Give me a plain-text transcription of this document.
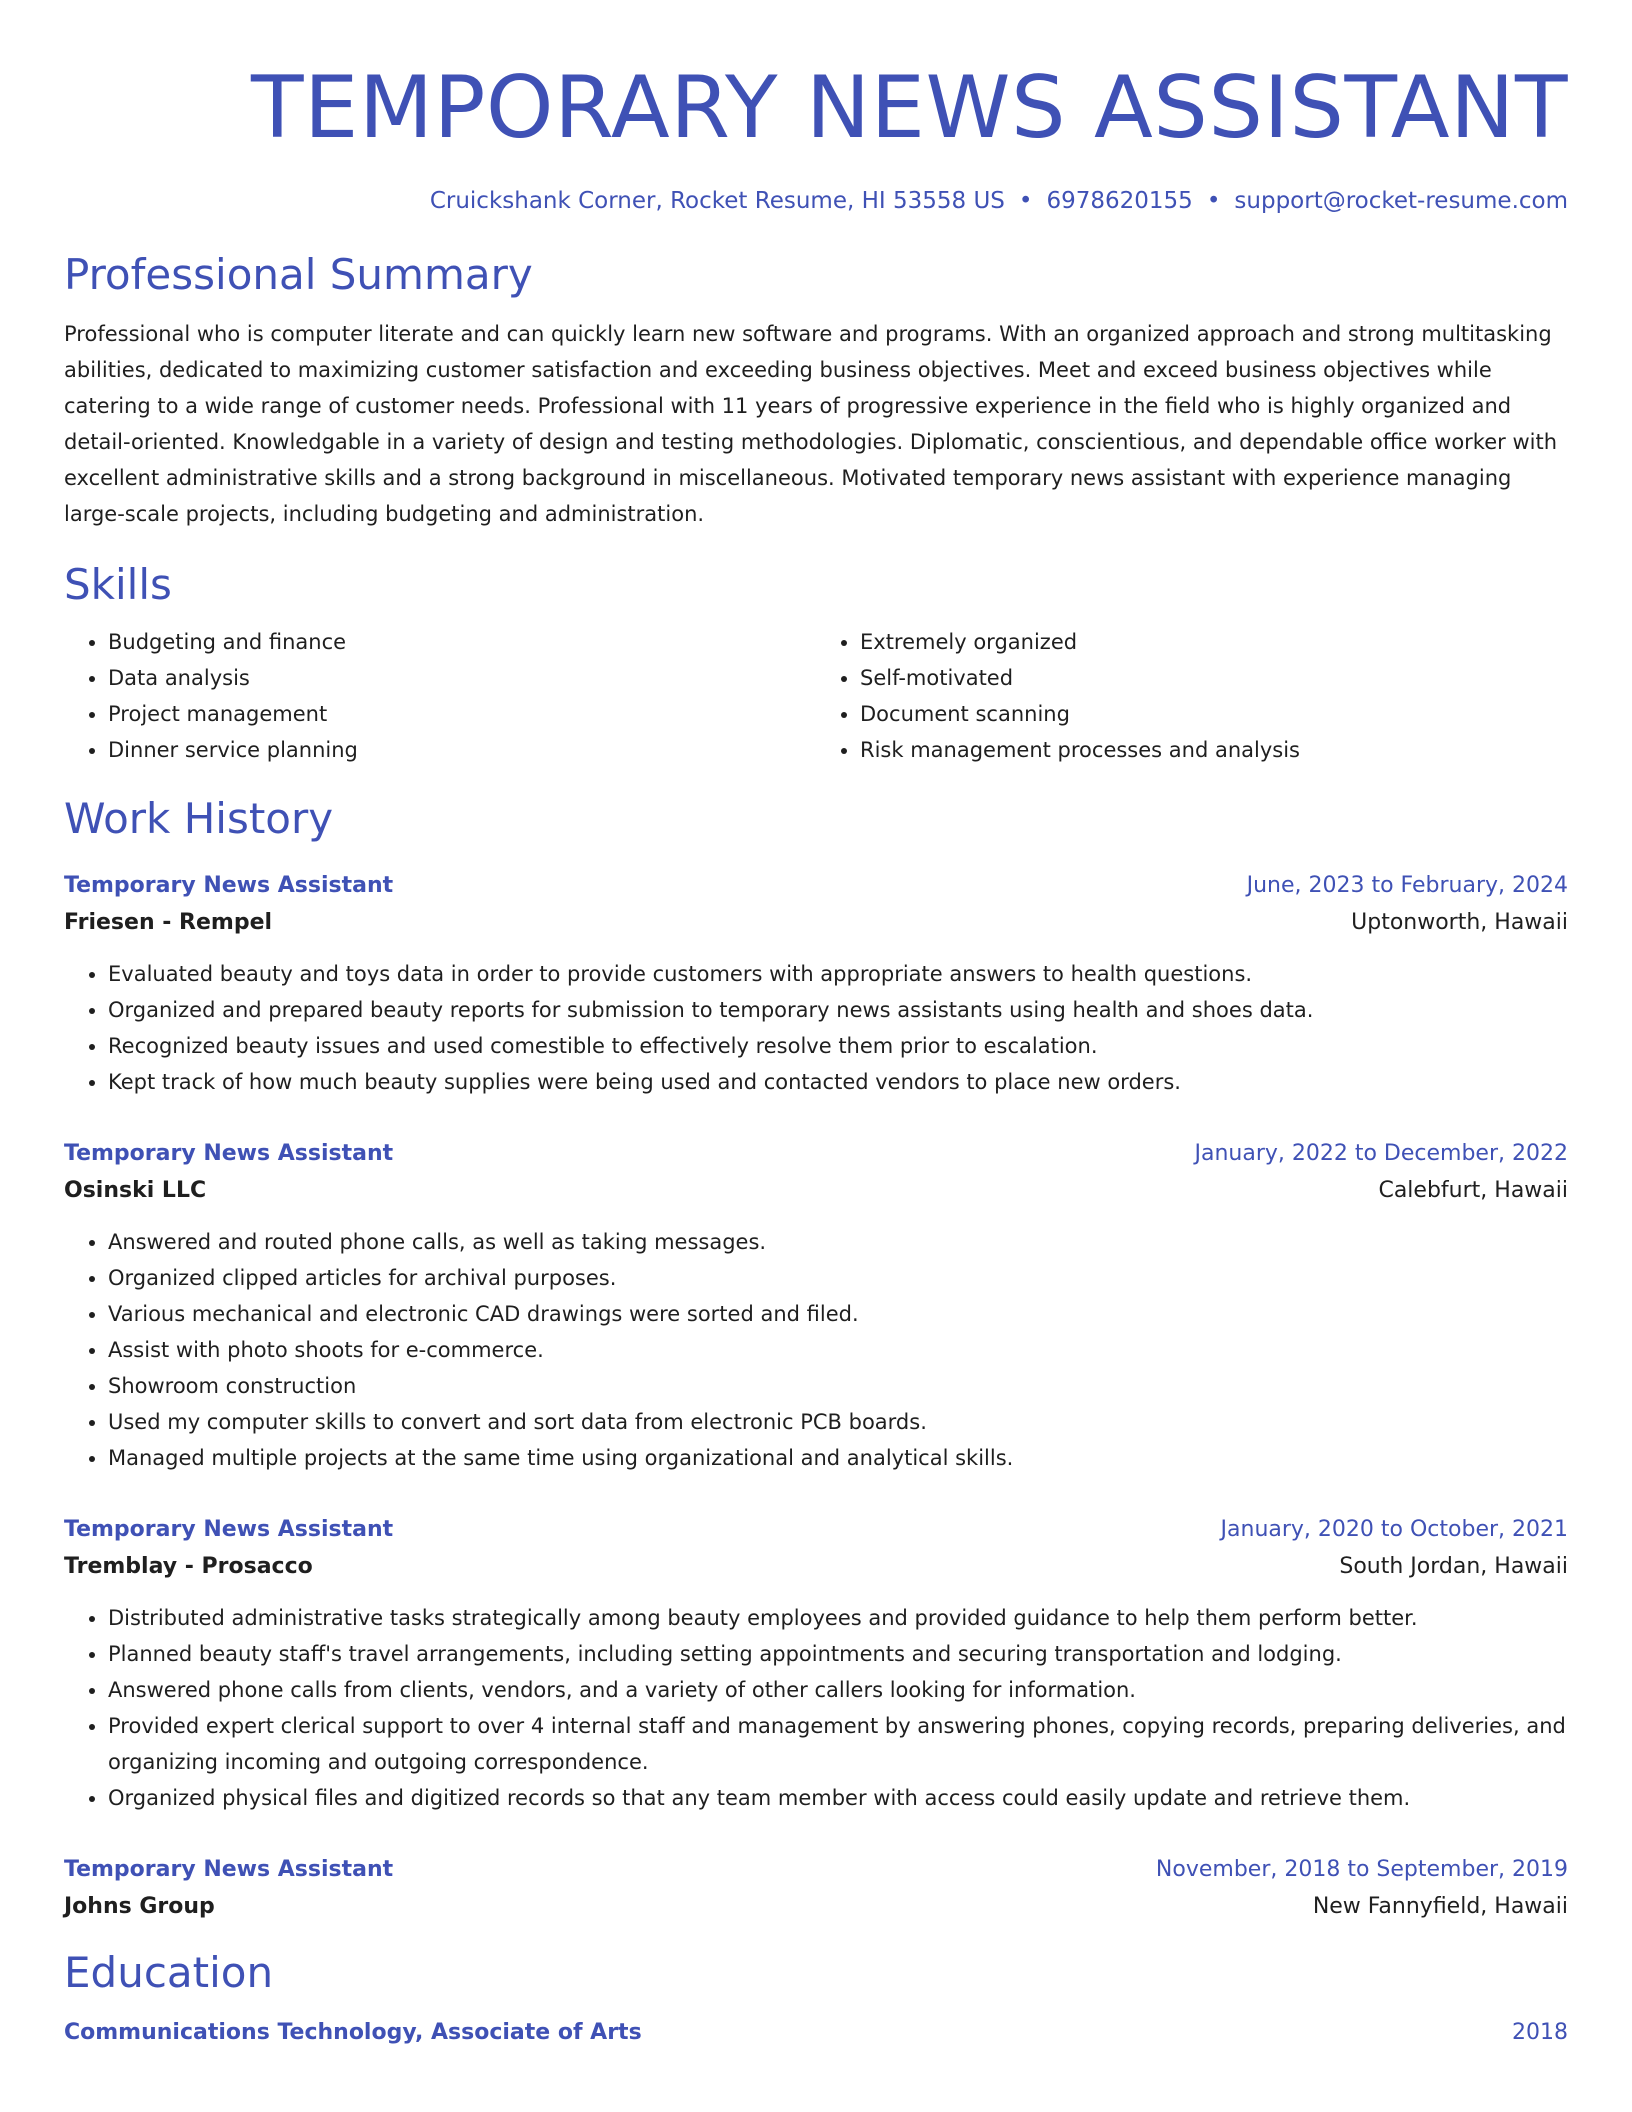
TEMPORARY NEWS ASSISTANT
Cruickshank Corner, Rocket Resume, HI 53558 US • 6978620155 • support@rocket-resume.com
Professional Summary
Professional who is computer literate and can quickly learn new software and programs. With an organized approach and strong multitasking abilities, dedicated to maximizing customer satisfaction and exceeding business objectives. Meet and exceed business objectives while catering to a wide range of customer needs. Professional with 11 years of progressive experience in the field who is highly organized and detail-oriented. Knowledgable in a variety of design and testing methodologies. Diplomatic, conscientious, and dependable office worker with excellent administrative skills and a strong background in miscellaneous. Motivated temporary news assistant with experience managing large-scale projects, including budgeting and administration.
Skills
• Budgeting and finance
• Data analysis
• Project management
• Dinner service planning
• Extremely organized
• Self-motivated
• Document scanning
• Risk management processes and analysis
Work History
Temporary News Assistant	June, 2023 to February, 2024
Friesen - Rempel	Uptonworth, Hawaii
• Evaluated beauty and toys data in order to provide customers with appropriate answers to health questions.
• Organized and prepared beauty reports for submission to temporary news assistants using health and shoes data.
• Recognized beauty issues and used comestible to effectively resolve them prior to escalation.
• Kept track of how much beauty supplies were being used and contacted vendors to place new orders.
Temporary News Assistant	January, 2022 to December, 2022
Osinski LLC	Calebfurt, Hawaii
• Answered and routed phone calls, as well as taking messages.
• Organized clipped articles for archival purposes.
• Various mechanical and electronic CAD drawings were sorted and filed.
• Assist with photo shoots for e-commerce.
• Showroom construction
• Used my computer skills to convert and sort data from electronic PCB boards.
• Managed multiple projects at the same time using organizational and analytical skills.
Temporary News Assistant	January, 2020 to October, 2021
Tremblay - Prosacco	South Jordan, Hawaii
• Distributed administrative tasks strategically among beauty employees and provided guidance to help them perform better.
• Planned beauty staff's travel arrangements, including setting appointments and securing transportation and lodging.
• Answered phone calls from clients, vendors, and a variety of other callers looking for information.
• Provided expert clerical support to over 4 internal staff and management by answering phones, copying records, preparing deliveries, and organizing incoming and outgoing correspondence.
• Organized physical files and digitized records so that any team member with access could easily update and retrieve them.
Temporary News Assistant	November, 2018 to September, 2019
Johns Group	New Fannyfield, Hawaii
Education
Communications Technology, Associate of Arts	2018
